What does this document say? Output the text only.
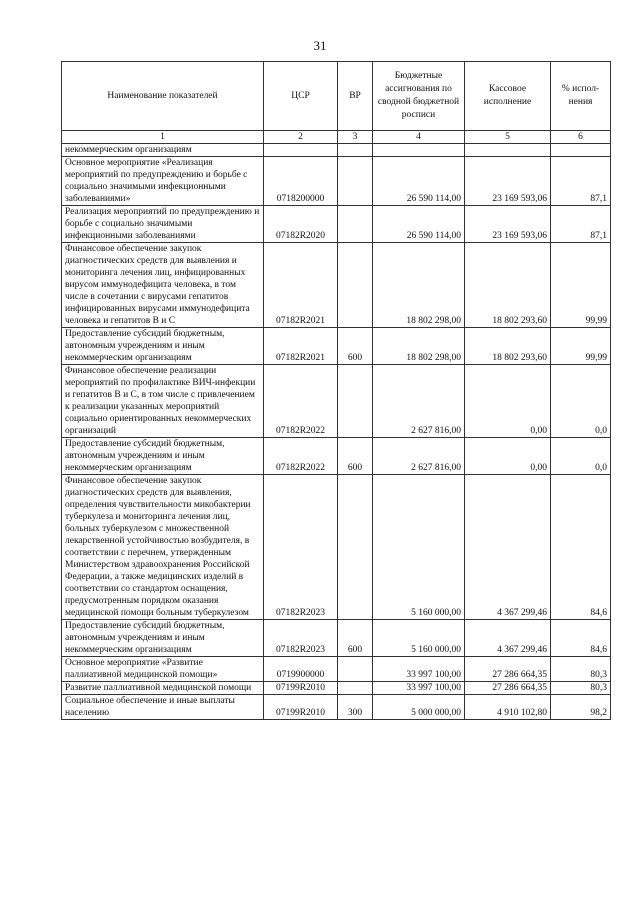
31
Наименование показателей	ЦСР	ВР	Бюджетные ассигнования по сводной бюджетной росписи	Кассовое исполнение	% испол-нения
1	2	3	4	5	6
некоммерческим организациям					
Основное мероприятие «Реализация мероприятий по предупреждению и борьбе с социально значимыми инфекционными заболеваниями»	0718200000		26 590 114,00	23 169 593,06	87,1
Реализация мероприятий по предупреждению и борьбе с социально значимыми инфекционными заболеваниями	07182R2020		26 590 114,00	23 169 593,06	87,1
Финансовое обеспечение закупок диагностических средств для выявления и мониторинга лечения лиц, инфицированных вирусом иммунодефицита человека, в том числе в сочетании с вирусами гепатитов инфицированных вирусами иммунодефицита человека и гепатитов В и С	07182R2021		18 802 298,00	18 802 293,60	99,99
Предоставление субсидий бюджетным, автономным учреждениям и иным некоммерческим организациям	07182R2021	600	18 802 298,00	18 802 293,60	99,99
Финансовое обеспечение реализации мероприятий по профилактике ВИЧ-инфекции и гепатитов В и С, в том числе с привлечением к реализации указанных мероприятий социально ориентированных некоммерческих организаций	07182R2022		2 627 816,00	0,00	0,0
Предоставление субсидий бюджетным, автономным учреждениям и иным некоммерческим организациям	07182R2022	600	2 627 816,00	0,00	0,0
Финансовое обеспечение закупок диагностических средств для выявления, определения чувствительности микобактерии туберкулеза и мониторинга лечения лиц, больных туберкулезом с множественной лекарственной устойчивостью возбудителя, в соответствии с перечнем, утвержденным Министерством здравоохранения Российской Федерации, а также медицинских изделий в соответствии со стандартом оснащения, предусмотренным порядком оказания медицинской помощи больным туберкулезом	07182R2023		5 160 000,00	4 367 299,46	84,6
Предоставление субсидий бюджетным, автономным учреждениям и иным некоммерческим организациям	07182R2023	600	5 160 000,00	4 367 299,46	84,6
Основное мероприятие «Развитие паллиативной медицинской помощи»	0719900000		33 997 100,00	27 286 664,35	80,3
Развитие паллиативной медицинской помощи	07199R2010		33 997 100,00	27 286 664,35	80,3
Социальное обеспечение и иные выплаты населению	07199R2010	300	5 000 000,00	4 910 102,80	98,2
